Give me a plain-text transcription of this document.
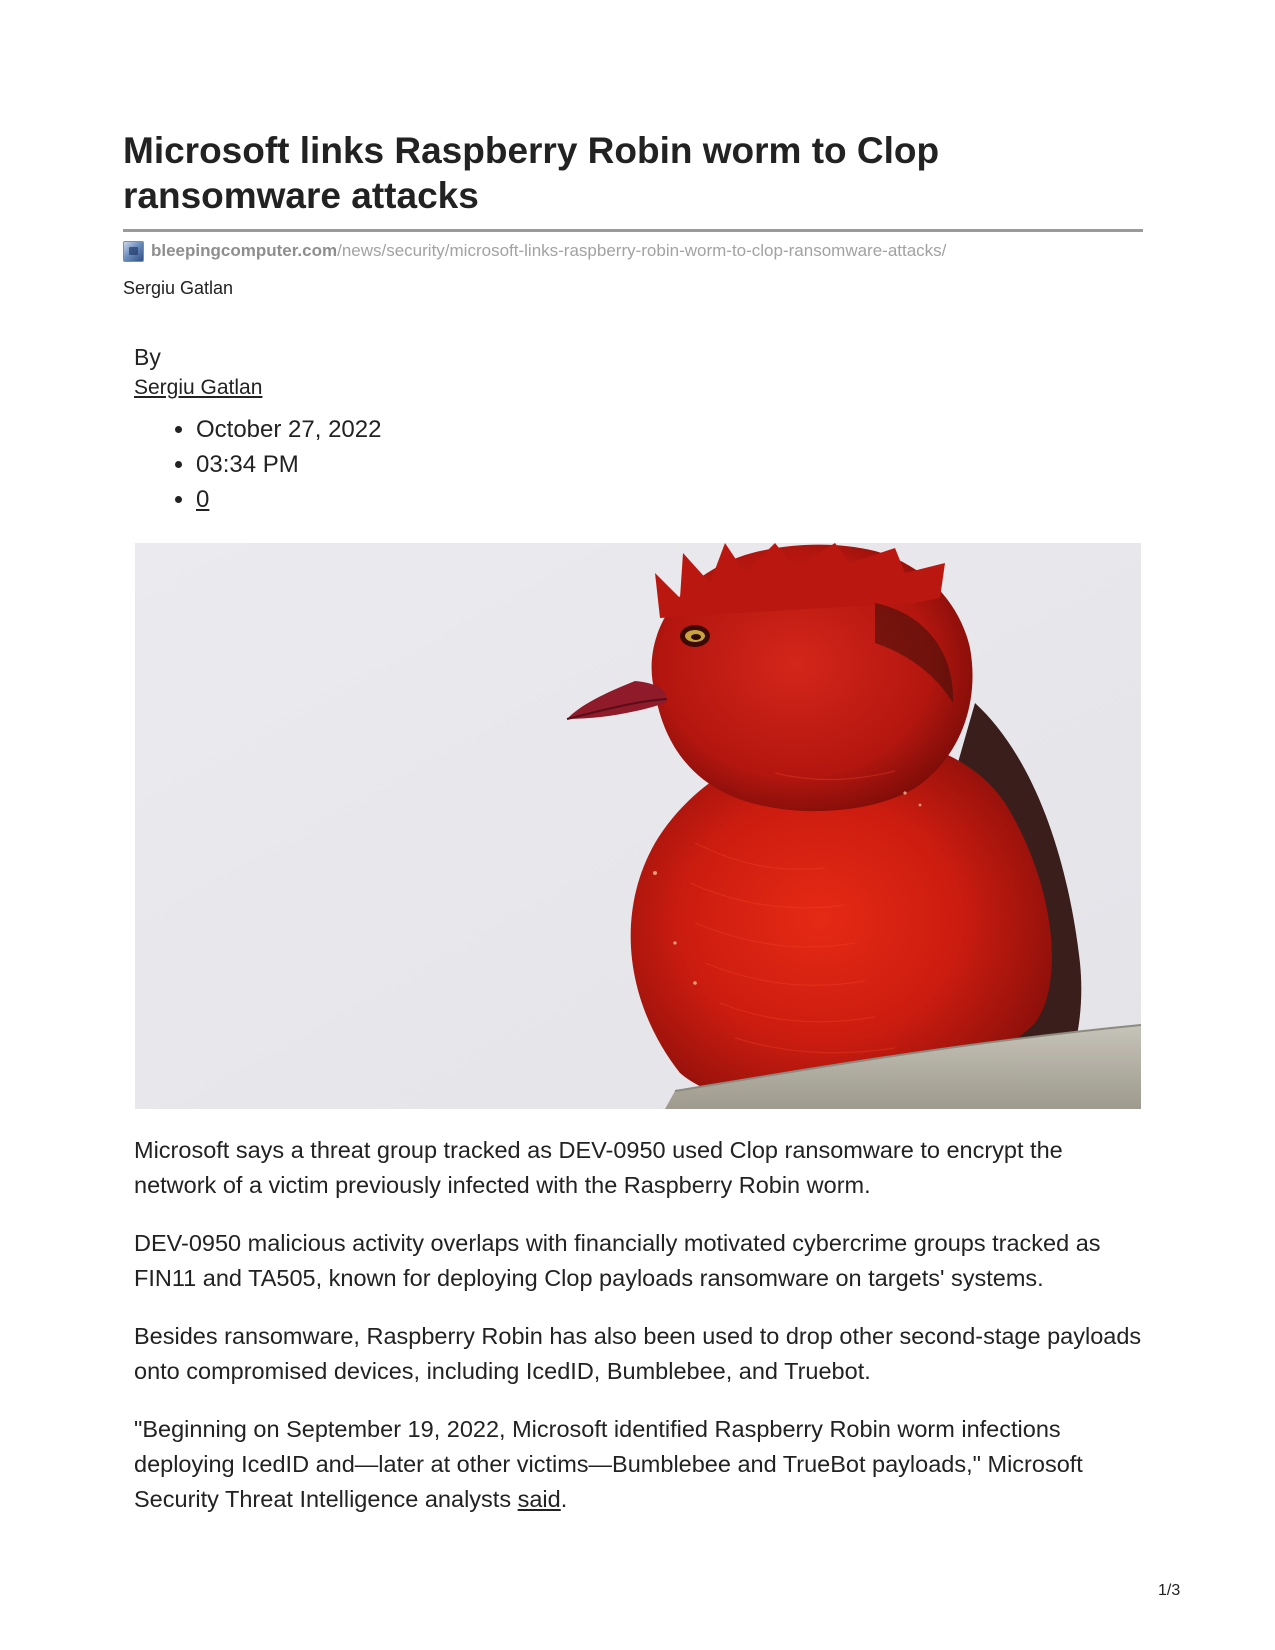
Microsoft links Raspberry Robin worm to Clop ransomware attacks
bleepingcomputer.com /news/security/microsoft-links-raspberry-robin-worm-to-clop-ransomware-attacks/
Sergiu Gatlan
By
Sergiu Gatlan
• October 27, 2022
• 03:34 PM
• 0

Microsoft says a threat group tracked as DEV-0950 used Clop ransomware to encrypt the network of a victim previously infected with the Raspberry Robin worm.

DEV-0950 malicious activity overlaps with financially motivated cybercrime groups tracked as FIN11 and TA505, known for deploying Clop payloads ransomware on targets' systems.

Besides ransomware, Raspberry Robin has also been used to drop other second-stage payloads onto compromised devices, including IcedID, Bumblebee, and Truebot.

"Beginning on September 19, 2022, Microsoft identified Raspberry Robin worm infections deploying IcedID and—later at other victims—Bumblebee and TrueBot payloads," Microsoft Security Threat Intelligence analysts said.

1/3
